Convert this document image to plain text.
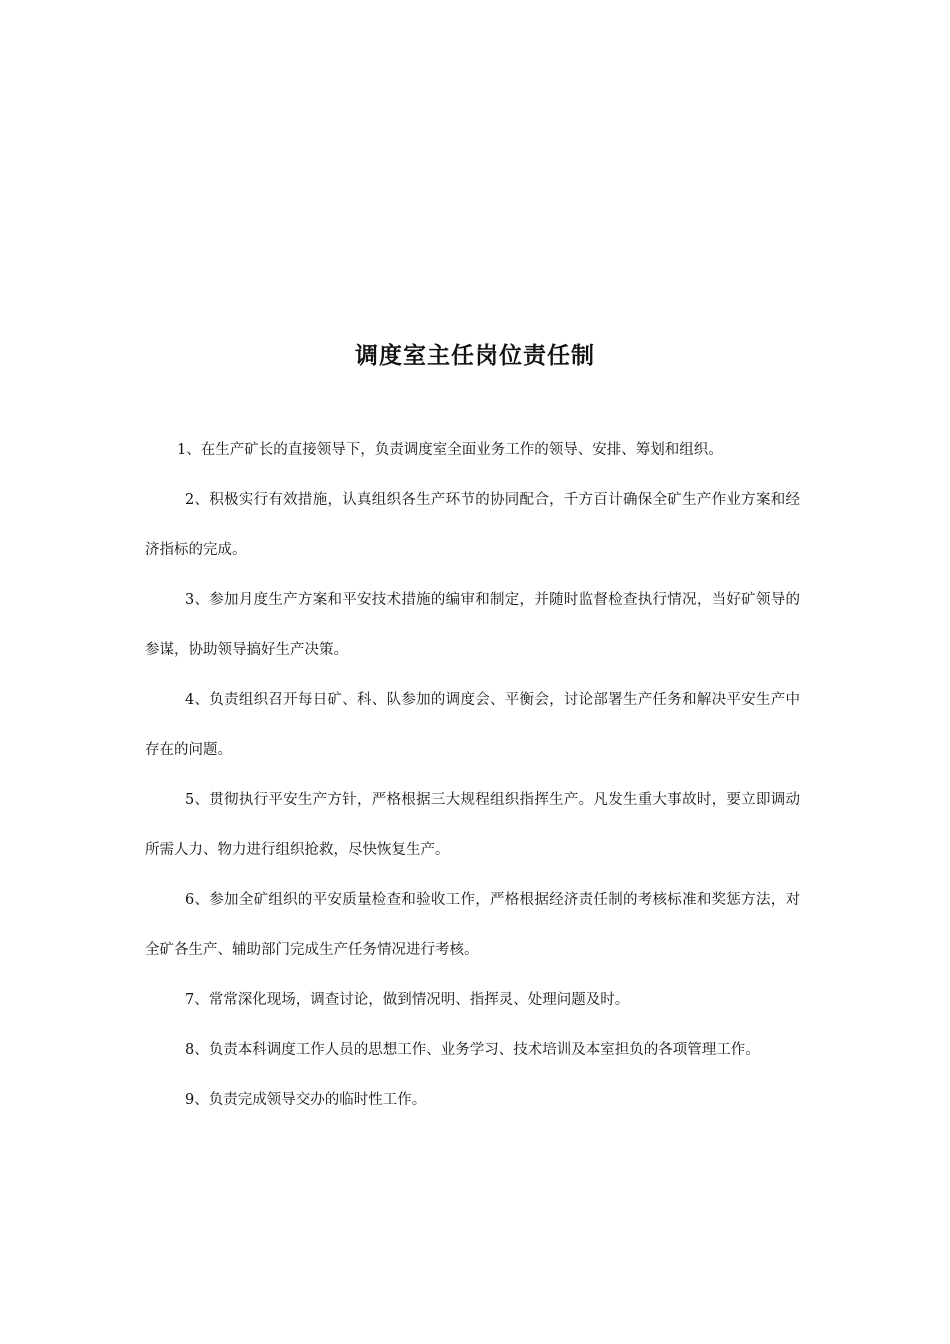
调度室主任岗位责任制

1、在生产矿长的直接领导下，负责调度室全面业务工作的领导、安排、筹划和组织。

2、积极实行有效措施，认真组织各生产环节的协同配合，千方百计确保全矿生产作业方案和经济指标的完成。

3、参加月度生产方案和平安技术措施的编审和制定，并随时监督检查执行情况，当好矿领导的参谋，协助领导搞好生产决策。

4、负责组织召开每日矿、科、队参加的调度会、平衡会，讨论部署生产任务和解决平安生产中存在的问题。

5、贯彻执行平安生产方针，严格根据三大规程组织指挥生产。凡发生重大事故时，要立即调动所需人力、物力进行组织抢救，尽快恢复生产。

6、参加全矿组织的平安质量检查和验收工作，严格根据经济责任制的考核标准和奖惩方法，对全矿各生产、辅助部门完成生产任务情况进行考核。

7、常常深化现场，调查讨论，做到情况明、指挥灵、处理问题及时。

8、负责本科调度工作人员的思想工作、业务学习、技术培训及本室担负的各项管理工作。

9、负责完成领导交办的临时性工作。
